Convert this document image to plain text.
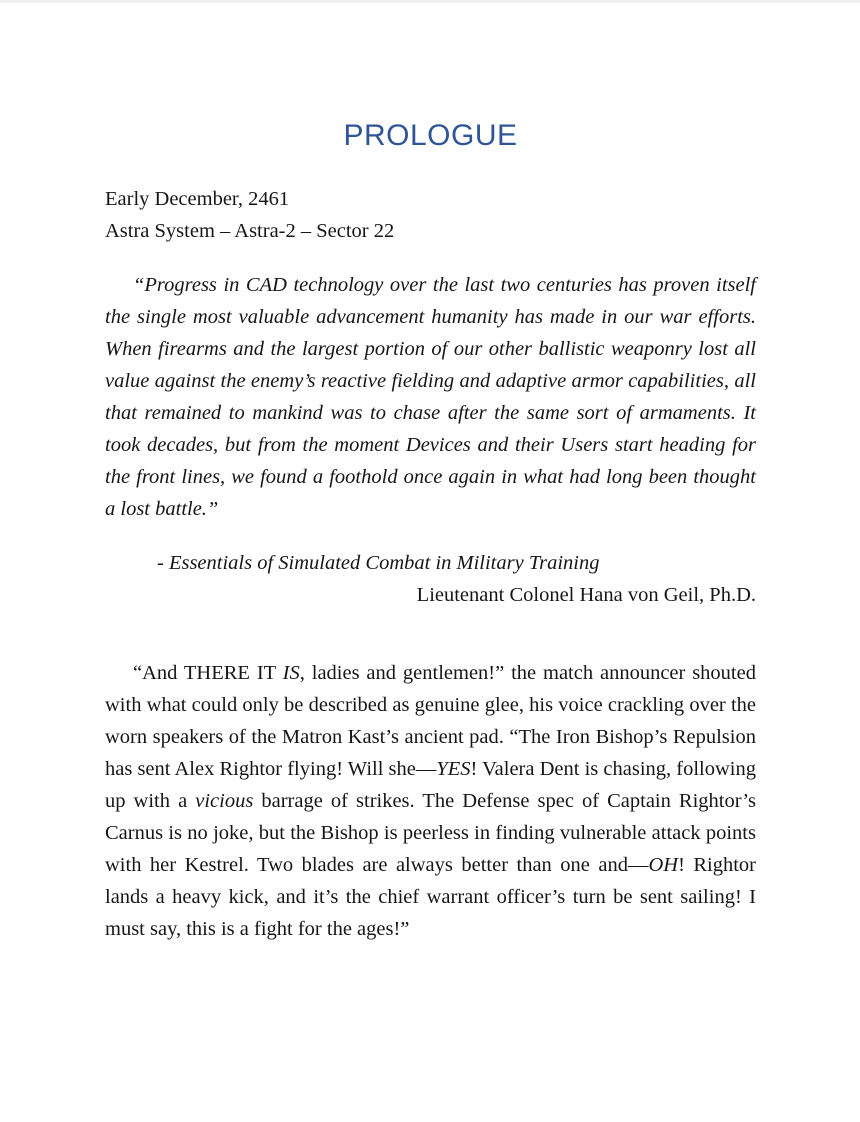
PROLOGUE
Early December, 2461
Astra System – Astra-2 – Sector 22

“Progress in CAD technology over the last two centuries has proven itself the single most valuable advancement humanity has made in our war efforts. When firearms and the largest portion of our other ballistic weaponry lost all value against the enemy’s reactive fielding and adaptive armor capabilities, all that remained to mankind was to chase after the same sort of armaments. It took decades, but from the moment Devices and their Users start heading for the front lines, we found a foothold once again in what had long been thought a lost battle.”

- Essentials of Simulated Combat in Military Training
Lieutenant Colonel Hana von Geil, Ph.D.

“And THERE IT IS, ladies and gentlemen!” the match announcer shouted with what could only be described as genuine glee, his voice crackling over the worn speakers of the Matron Kast’s ancient pad. “The Iron Bishop’s Repulsion has sent Alex Rightor flying! Will she—YES! Valera Dent is chasing, following up with a vicious barrage of strikes. The Defense spec of Captain Rightor’s Carnus is no joke, but the Bishop is peerless in finding vulnerable attack points with her Kestrel. Two blades are always better than one and—OH! Rightor lands a heavy kick, and it’s the chief warrant officer’s turn be sent sailing! I must say, this is a fight for the ages!”
